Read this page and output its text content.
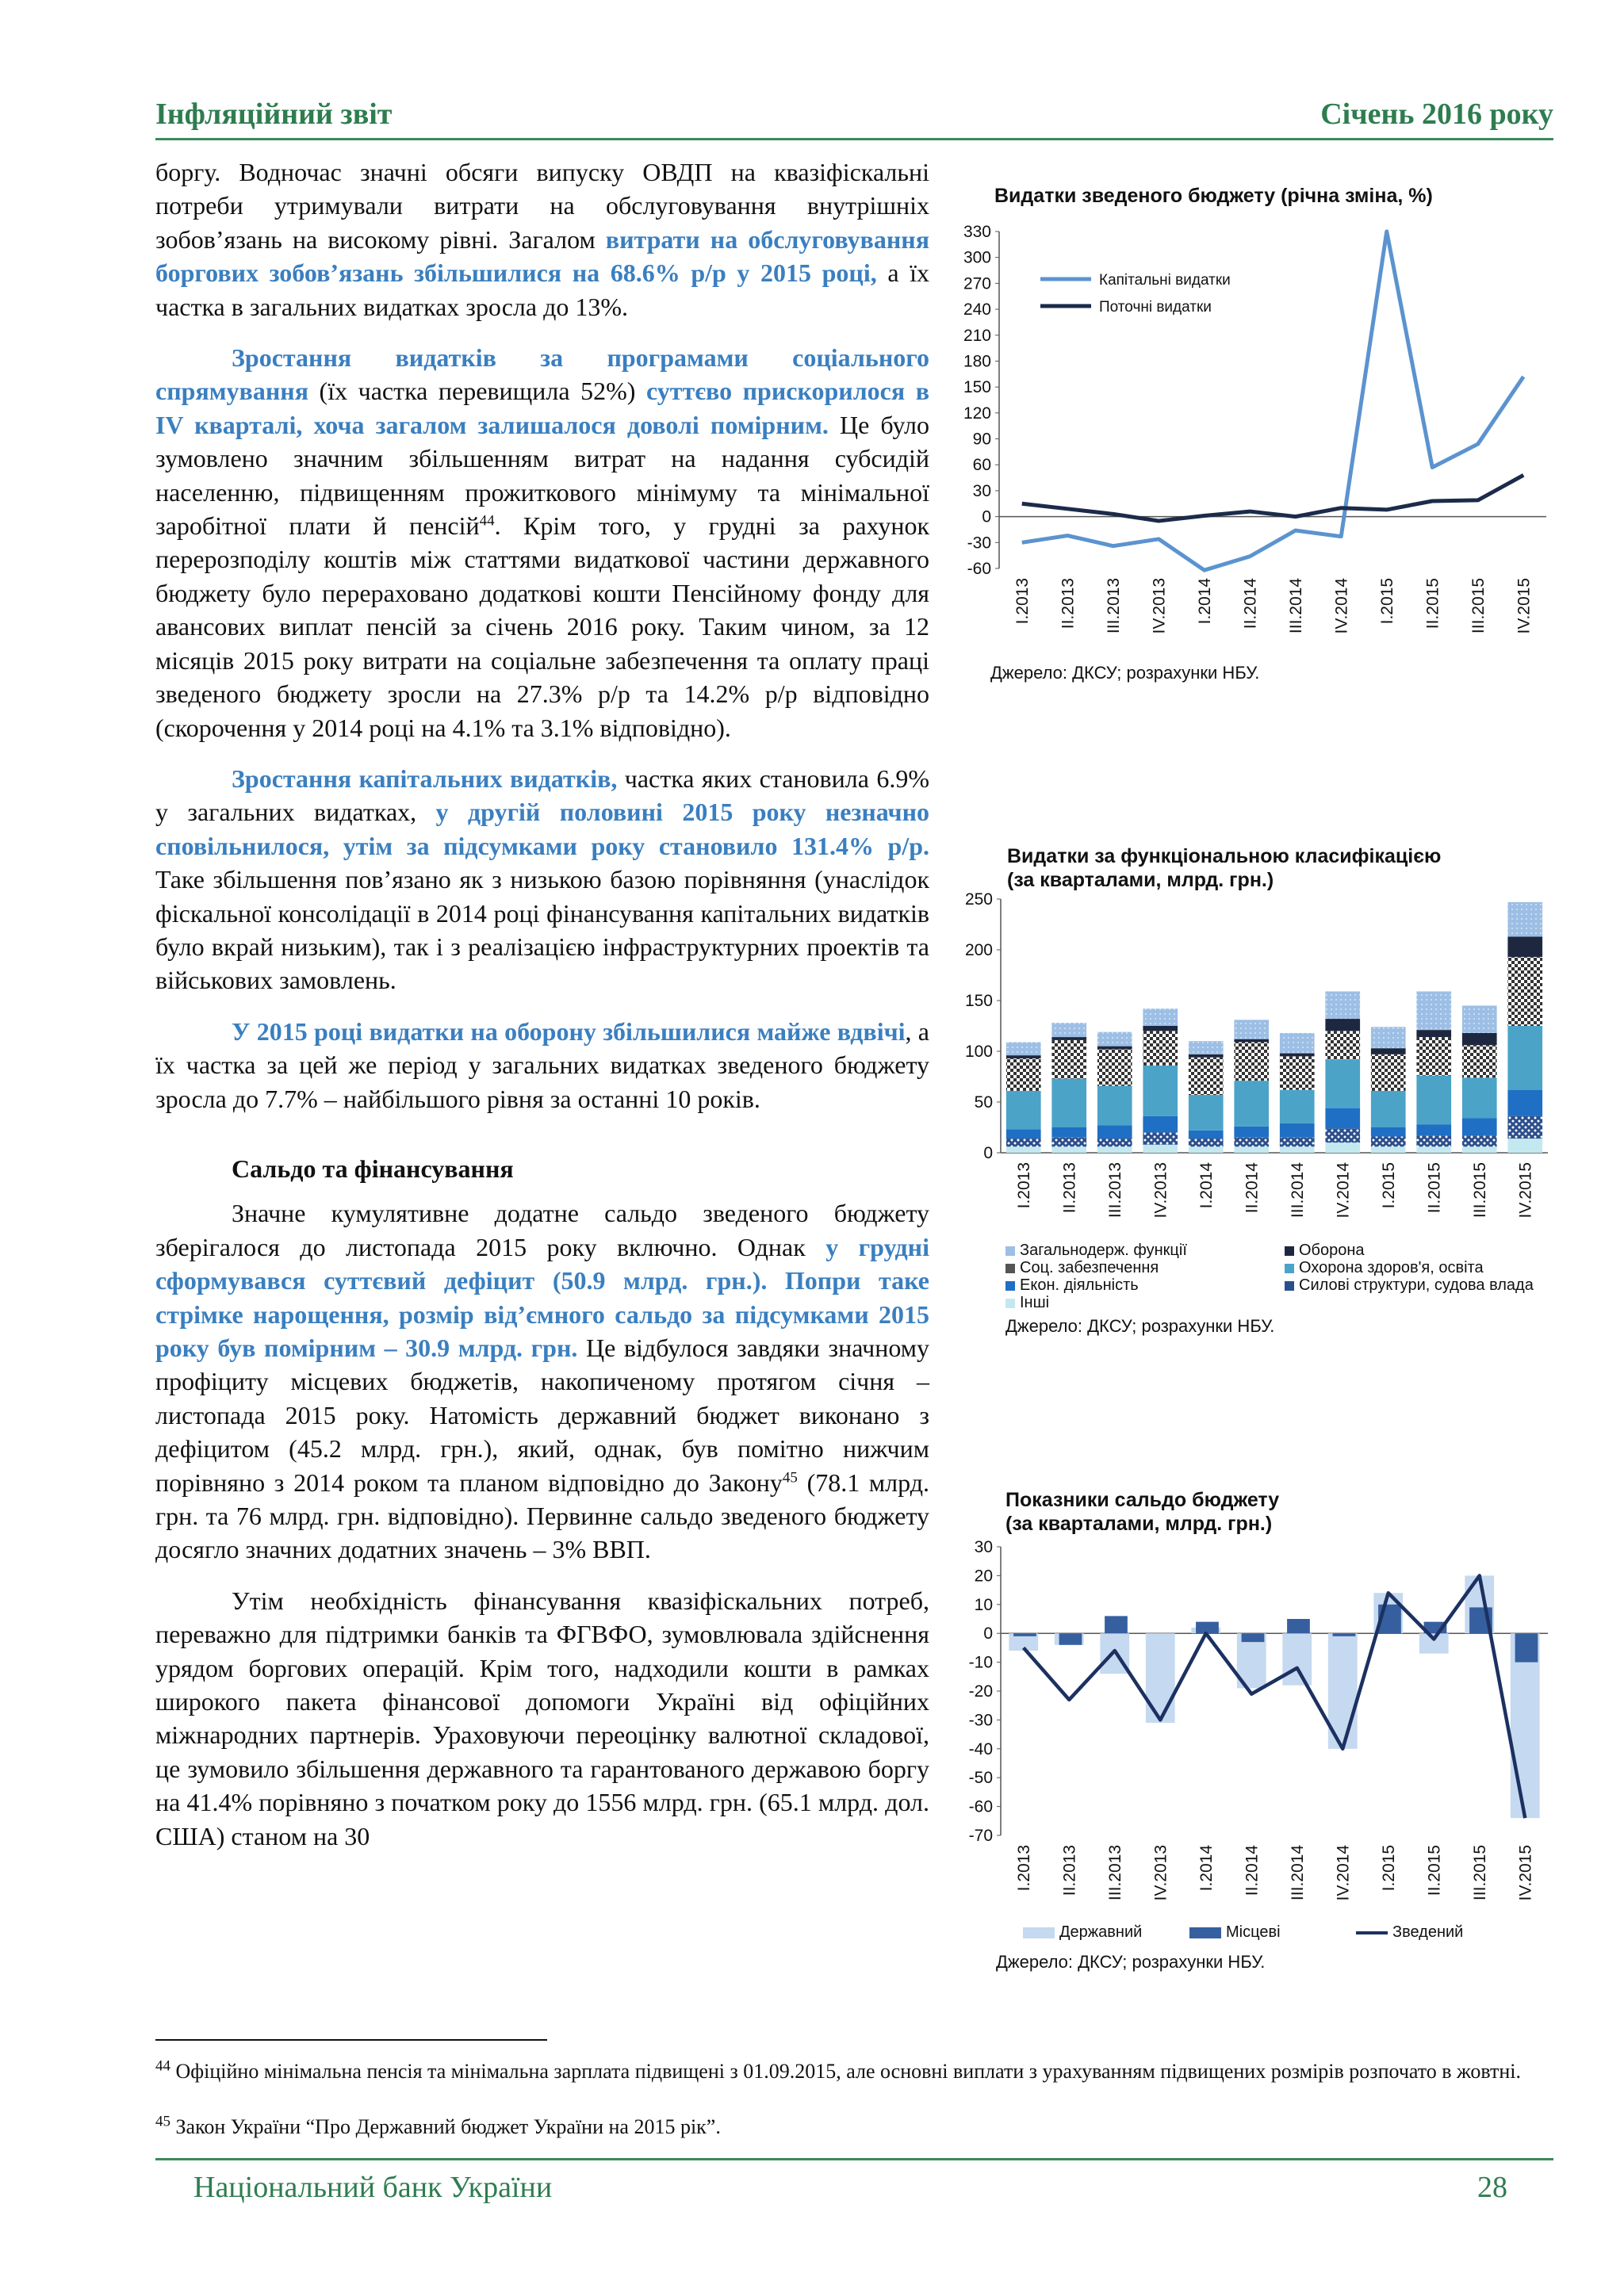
Інфляційний звіт	Січень 2016 року

боргу. Водночас значні обсяги випуску ОВДП на квазіфіскальні потреби утримували витрати на обслуговування внутрішніх зобов’язань на високому рівні. Загалом витрати на обслуговування боргових зобов’язань збільшилися на 68.6% р/р у 2015 році, а їх частка в загальних видатках зросла до 13%.

Зростання видатків за програмами соціального спрямування (їх частка перевищила 52%) суттєво прискорилося в IV кварталі, хоча загалом залишалося доволі помірним. Це було зумовлено значним збільшенням витрат на надання субсидій населенню, підвищенням прожиткового мінімуму та мінімальної заробітної плати й пенсій$^{44}$. Крім того, у грудні за рахунок перерозподілу коштів між статтями видаткової частини державного бюджету було перераховано додаткові кошти Пенсійному фонду для авансових виплат пенсій за січень 2016 року. Таким чином, за 12 місяців 2015 року витрати на соціальне забезпечення та оплату праці зведеного бюджету зросли на 27.3% р/р та 14.2% р/р відповідно (скорочення у 2014 році на 4.1% та 3.1% відповідно).

Зростання капітальних видатків, частка яких становила 6.9% у загальних видатках, у другій половині 2015 року незначно сповільнилося, утім за підсумками року становило 131.4% р/р. Таке збільшення пов’язано як з низькою базою порівняння (унаслідок фіскальної консолідації в 2014 році фінансування капітальних видатків було вкрай низьким), так і з реалізацією інфраструктурних проектів та військових замовлень.

У 2015 році видатки на оборону збільшилися майже вдвічі, а їх частка за цей же період у загальних видатках зведеного бюджету зросла до 7.7% – найбільшого рівня за останні 10 років.

Сальдо та фінансування

Значне кумулятивне додатне сальдо зведеного бюджету зберігалося до листопада 2015 року включно. Однак у грудні сформувався суттєвий дефіцит (50.9 млрд. грн.). Попри таке стрімке нарощення, розмір від’ємного сальдо за підсумками 2015 року був помірним – 30.9 млрд. грн. Це відбулося завдяки значному профіциту місцевих бюджетів, накопиченому протягом січня – листопада 2015 року. Натомість державний бюджет виконано з дефіцитом (45.2 млрд. грн.), який, однак, був помітно нижчим порівняно з 2014 роком та планом відповідно до Закону$^{45}$ (78.1 млрд. грн. та 76 млрд. грн. відповідно). Первинне сальдо зведеного бюджету досягло значних додатних значень – 3% ВВП.

Утім необхідність фінансування квазіфіскальних потреб, переважно для підтримки банків та ФГВФО, зумовлювала здійснення урядом боргових операцій. Крім того, надходили кошти в рамках широкого пакета фінансової допомоги Україні від офіційних міжнародних партнерів. Ураховуючи переоцінку валютної складової, це зумовило збільшення державного та гарантованого державою боргу на 41.4% порівняно з початком року до 1556 млрд. грн. (65.1 млрд. дол. США) станом на 30

Видатки зведеного бюджету (річна зміна, %)
-60
-30
0
30
60
90
120
150
180
210
240
270
300
330
I.2013 II.2013 III.2013 IV.2013 I.2014 II.2014 III.2014 IV.2014 I.2015 II.2015 III.2015 IV.2015
Капітальні видатки
Поточні видатки
Джерело: ДКСУ; розрахунки НБУ.
Видатки за функціональною класифікацією
(за кварталами, млрд. грн.)
0
50
100
150
200
250
I.2013 II.2013 III.2013 IV.2013 I.2014 II.2014 III.2014 IV.2014 I.2015 II.2015 III.2015 IV.2015
Загальнодерж. функції	Оборона
Соц. забезпечення	Охорона здоров'я, освіта
Екон. діяльність	Силові структури, судова влада
Інші
Джерело: ДКСУ; розрахунки НБУ.
Показники сальдо бюджету
(за кварталами, млрд. грн.)
-70
-60
-50
-40
-30
-20
-10
0
10
20
30
I.2013 II.2013 III.2013 IV.2013 I.2014 II.2014 III.2014 IV.2014 I.2015 II.2015 III.2015 IV.2015
Державний	Місцеві	Зведений
Джерело: ДКСУ; розрахунки НБУ.
$^{44}$ Офіційно мінімальна пенсія та мінімальна зарплата підвищені з 01.09.2015, але основні виплати з урахуванням підвищених розмірів розпочато в жовтні.
$^{45}$ Закон України “Про Державний бюджет України на 2015 рік”.
Національний банк України	28
